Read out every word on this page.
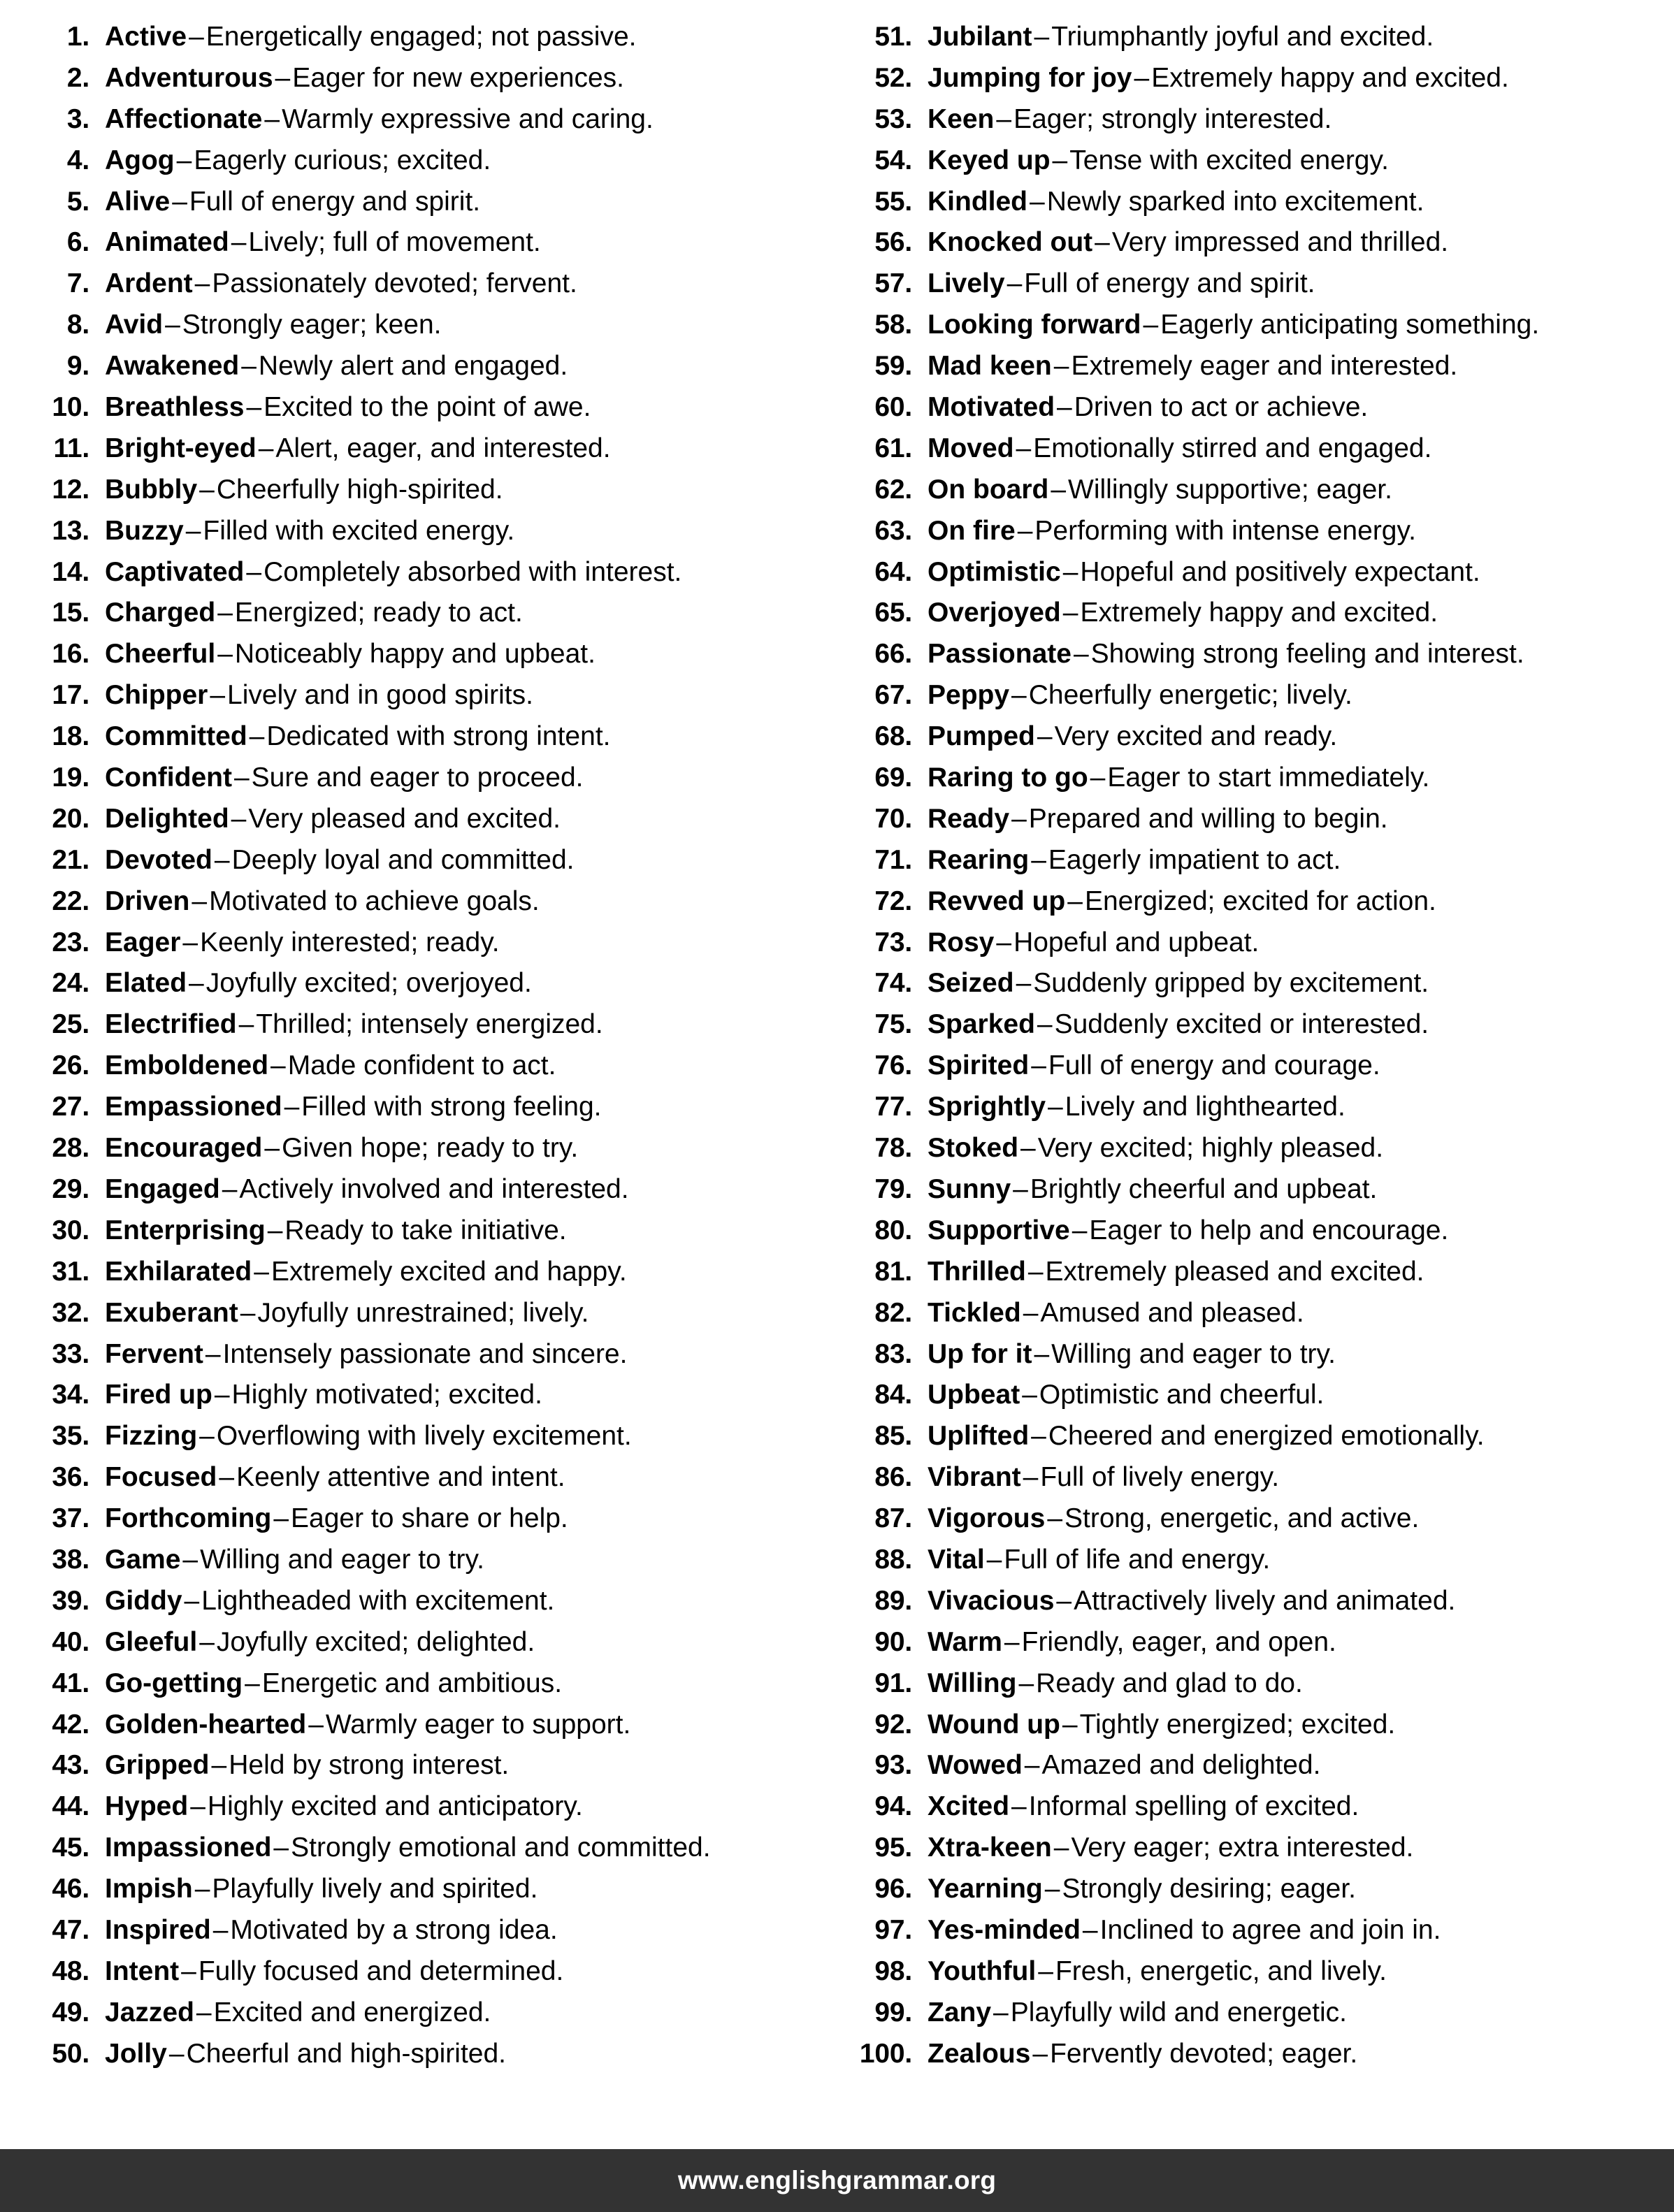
1. Active–Energetically engaged; not passive.
2. Adventurous–Eager for new experiences.
3. Affectionate–Warmly expressive and caring.
4. Agog–Eagerly curious; excited.
5. Alive–Full of energy and spirit.
6. Animated–Lively; full of movement.
7. Ardent–Passionately devoted; fervent.
8. Avid–Strongly eager; keen.
9. Awakened–Newly alert and engaged.
10. Breathless–Excited to the point of awe.
11. Bright-eyed–Alert, eager, and interested.
12. Bubbly–Cheerfully high-spirited.
13. Buzzy–Filled with excited energy.
14. Captivated–Completely absorbed with interest.
15. Charged–Energized; ready to act.
16. Cheerful–Noticeably happy and upbeat.
17. Chipper–Lively and in good spirits.
18. Committed–Dedicated with strong intent.
19. Confident–Sure and eager to proceed.
20. Delighted–Very pleased and excited.
21. Devoted–Deeply loyal and committed.
22. Driven–Motivated to achieve goals.
23. Eager–Keenly interested; ready.
24. Elated–Joyfully excited; overjoyed.
25. Electrified–Thrilled; intensely energized.
26. Emboldened–Made confident to act.
27. Empassioned–Filled with strong feeling.
28. Encouraged–Given hope; ready to try.
29. Engaged–Actively involved and interested.
30. Enterprising–Ready to take initiative.
31. Exhilarated–Extremely excited and happy.
32. Exuberant–Joyfully unrestrained; lively.
33. Fervent–Intensely passionate and sincere.
34. Fired up–Highly motivated; excited.
35. Fizzing–Overflowing with lively excitement.
36. Focused–Keenly attentive and intent.
37. Forthcoming–Eager to share or help.
38. Game–Willing and eager to try.
39. Giddy–Lightheaded with excitement.
40. Gleeful–Joyfully excited; delighted.
41. Go-getting–Energetic and ambitious.
42. Golden-hearted–Warmly eager to support.
43. Gripped–Held by strong interest.
44. Hyped–Highly excited and anticipatory.
45. Impassioned–Strongly emotional and committed.
46. Impish–Playfully lively and spirited.
47. Inspired–Motivated by a strong idea.
48. Intent–Fully focused and determined.
49. Jazzed–Excited and energized.
50. Jolly–Cheerful and high-spirited.
51. Jubilant–Triumphantly joyful and excited.
52. Jumping for joy–Extremely happy and excited.
53. Keen–Eager; strongly interested.
54. Keyed up–Tense with excited energy.
55. Kindled–Newly sparked into excitement.
56. Knocked out–Very impressed and thrilled.
57. Lively–Full of energy and spirit.
58. Looking forward–Eagerly anticipating something.
59. Mad keen–Extremely eager and interested.
60. Motivated–Driven to act or achieve.
61. Moved–Emotionally stirred and engaged.
62. On board–Willingly supportive; eager.
63. On fire–Performing with intense energy.
64. Optimistic–Hopeful and positively expectant.
65. Overjoyed–Extremely happy and excited.
66. Passionate–Showing strong feeling and interest.
67. Peppy–Cheerfully energetic; lively.
68. Pumped–Very excited and ready.
69. Raring to go–Eager to start immediately.
70. Ready–Prepared and willing to begin.
71. Rearing–Eagerly impatient to act.
72. Revved up–Energized; excited for action.
73. Rosy–Hopeful and upbeat.
74. Seized–Suddenly gripped by excitement.
75. Sparked–Suddenly excited or interested.
76. Spirited–Full of energy and courage.
77. Sprightly–Lively and lighthearted.
78. Stoked–Very excited; highly pleased.
79. Sunny–Brightly cheerful and upbeat.
80. Supportive–Eager to help and encourage.
81. Thrilled–Extremely pleased and excited.
82. Tickled–Amused and pleased.
83. Up for it–Willing and eager to try.
84. Upbeat–Optimistic and cheerful.
85. Uplifted–Cheered and energized emotionally.
86. Vibrant–Full of lively energy.
87. Vigorous–Strong, energetic, and active.
88. Vital–Full of life and energy.
89. Vivacious–Attractively lively and animated.
90. Warm–Friendly, eager, and open.
91. Willing–Ready and glad to do.
92. Wound up–Tightly energized; excited.
93. Wowed–Amazed and delighted.
94. Xcited–Informal spelling of excited.
95. Xtra-keen–Very eager; extra interested.
96. Yearning–Strongly desiring; eager.
97. Yes-minded–Inclined to agree and join in.
98. Youthful–Fresh, energetic, and lively.
99. Zany–Playfully wild and energetic.
100. Zealous–Fervently devoted; eager.
www.englishgrammar.org
